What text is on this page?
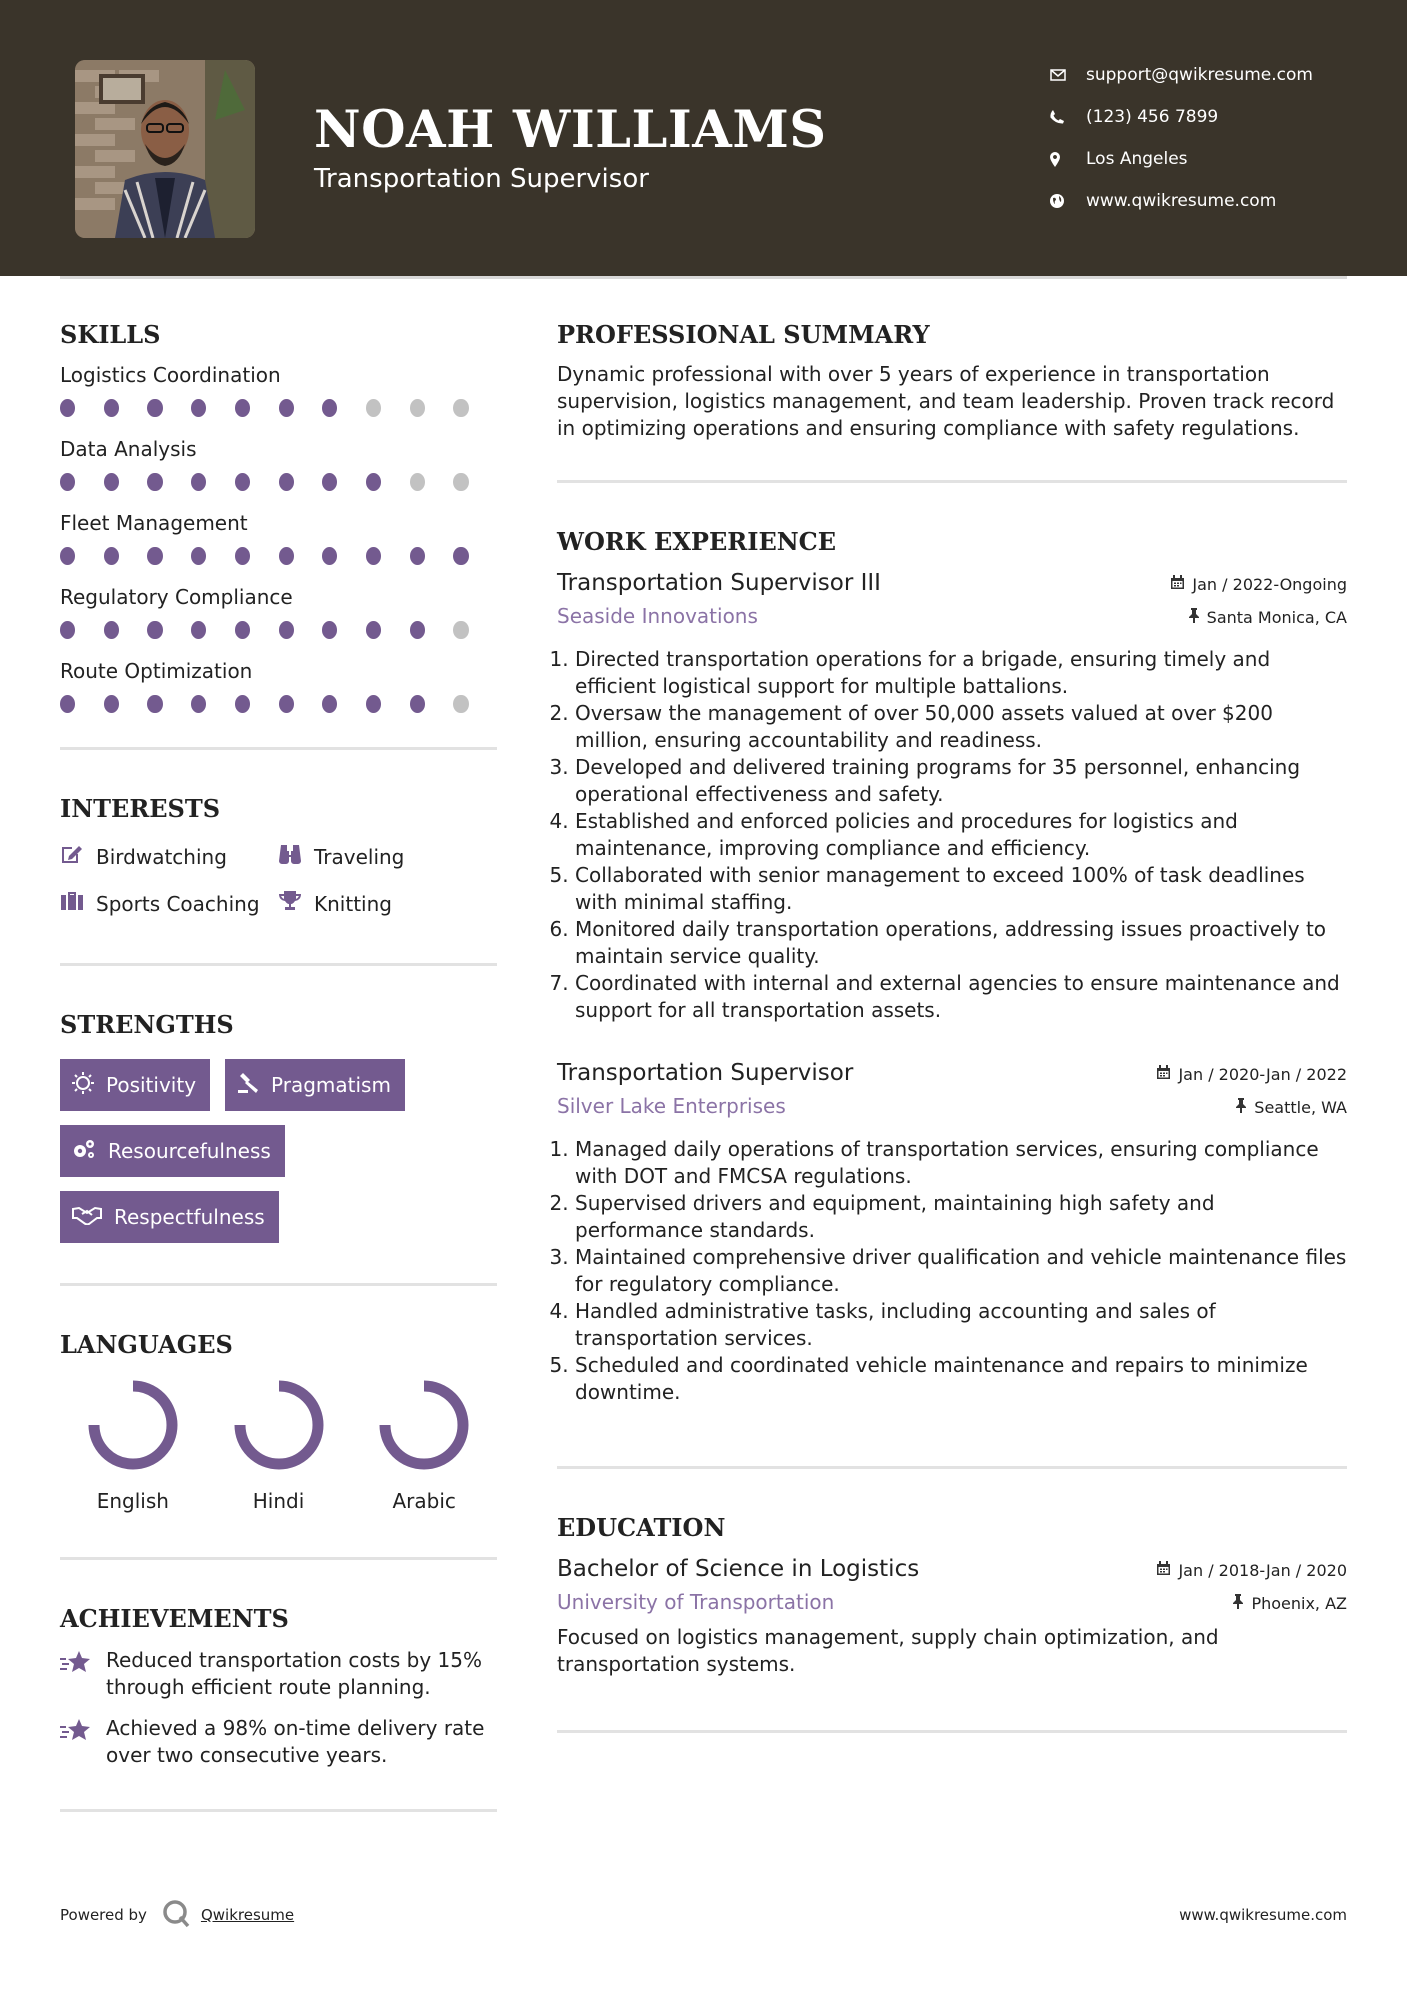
NOAH WILLIAMS
Transportation Supervisor
support@qwikresume.com
(123) 456 7899
Los Angeles
www.qwikresume.com
SKILLS
Logistics Coordination
Data Analysis
Fleet Management
Regulatory Compliance
Route Optimization
INTERESTS
Birdwatching	Traveling
Sports Coaching	Knitting
STRENGTHS
Positivity	Pragmatism
Resourcefulness
Respectfulness
LANGUAGES
English	Hindi	Arabic
ACHIEVEMENTS
Reduced transportation costs by 15% through efficient route planning.
Achieved a 98% on-time delivery rate over two consecutive years.
PROFESSIONAL SUMMARY
Dynamic professional with over 5 years of experience in transportation supervision, logistics management, and team leadership. Proven track record in optimizing operations and ensuring compliance with safety regulations.
WORK EXPERIENCE
Transportation Supervisor III	Jan / 2022-Ongoing
Seaside Innovations	Santa Monica, CA
1. Directed transportation operations for a brigade, ensuring timely and efficient logistical support for multiple battalions.
2. Oversaw the management of over 50,000 assets valued at over $200 million, ensuring accountability and readiness.
3. Developed and delivered training programs for 35 personnel, enhancing operational effectiveness and safety.
4. Established and enforced policies and procedures for logistics and maintenance, improving compliance and efficiency.
5. Collaborated with senior management to exceed 100% of task deadlines with minimal staffing.
6. Monitored daily transportation operations, addressing issues proactively to maintain service quality.
7. Coordinated with internal and external agencies to ensure maintenance and support for all transportation assets.
Transportation Supervisor	Jan / 2020-Jan / 2022
Silver Lake Enterprises	Seattle, WA
1. Managed daily operations of transportation services, ensuring compliance with DOT and FMCSA regulations.
2. Supervised drivers and equipment, maintaining high safety and performance standards.
3. Maintained comprehensive driver qualification and vehicle maintenance files for regulatory compliance.
4. Handled administrative tasks, including accounting and sales of transportation services.
5. Scheduled and coordinated vehicle maintenance and repairs to minimize downtime.
EDUCATION
Bachelor of Science in Logistics	Jan / 2018-Jan / 2020
University of Transportation	Phoenix, AZ
Focused on logistics management, supply chain optimization, and transportation systems.
Powered by	Qwikresume	www.qwikresume.com
